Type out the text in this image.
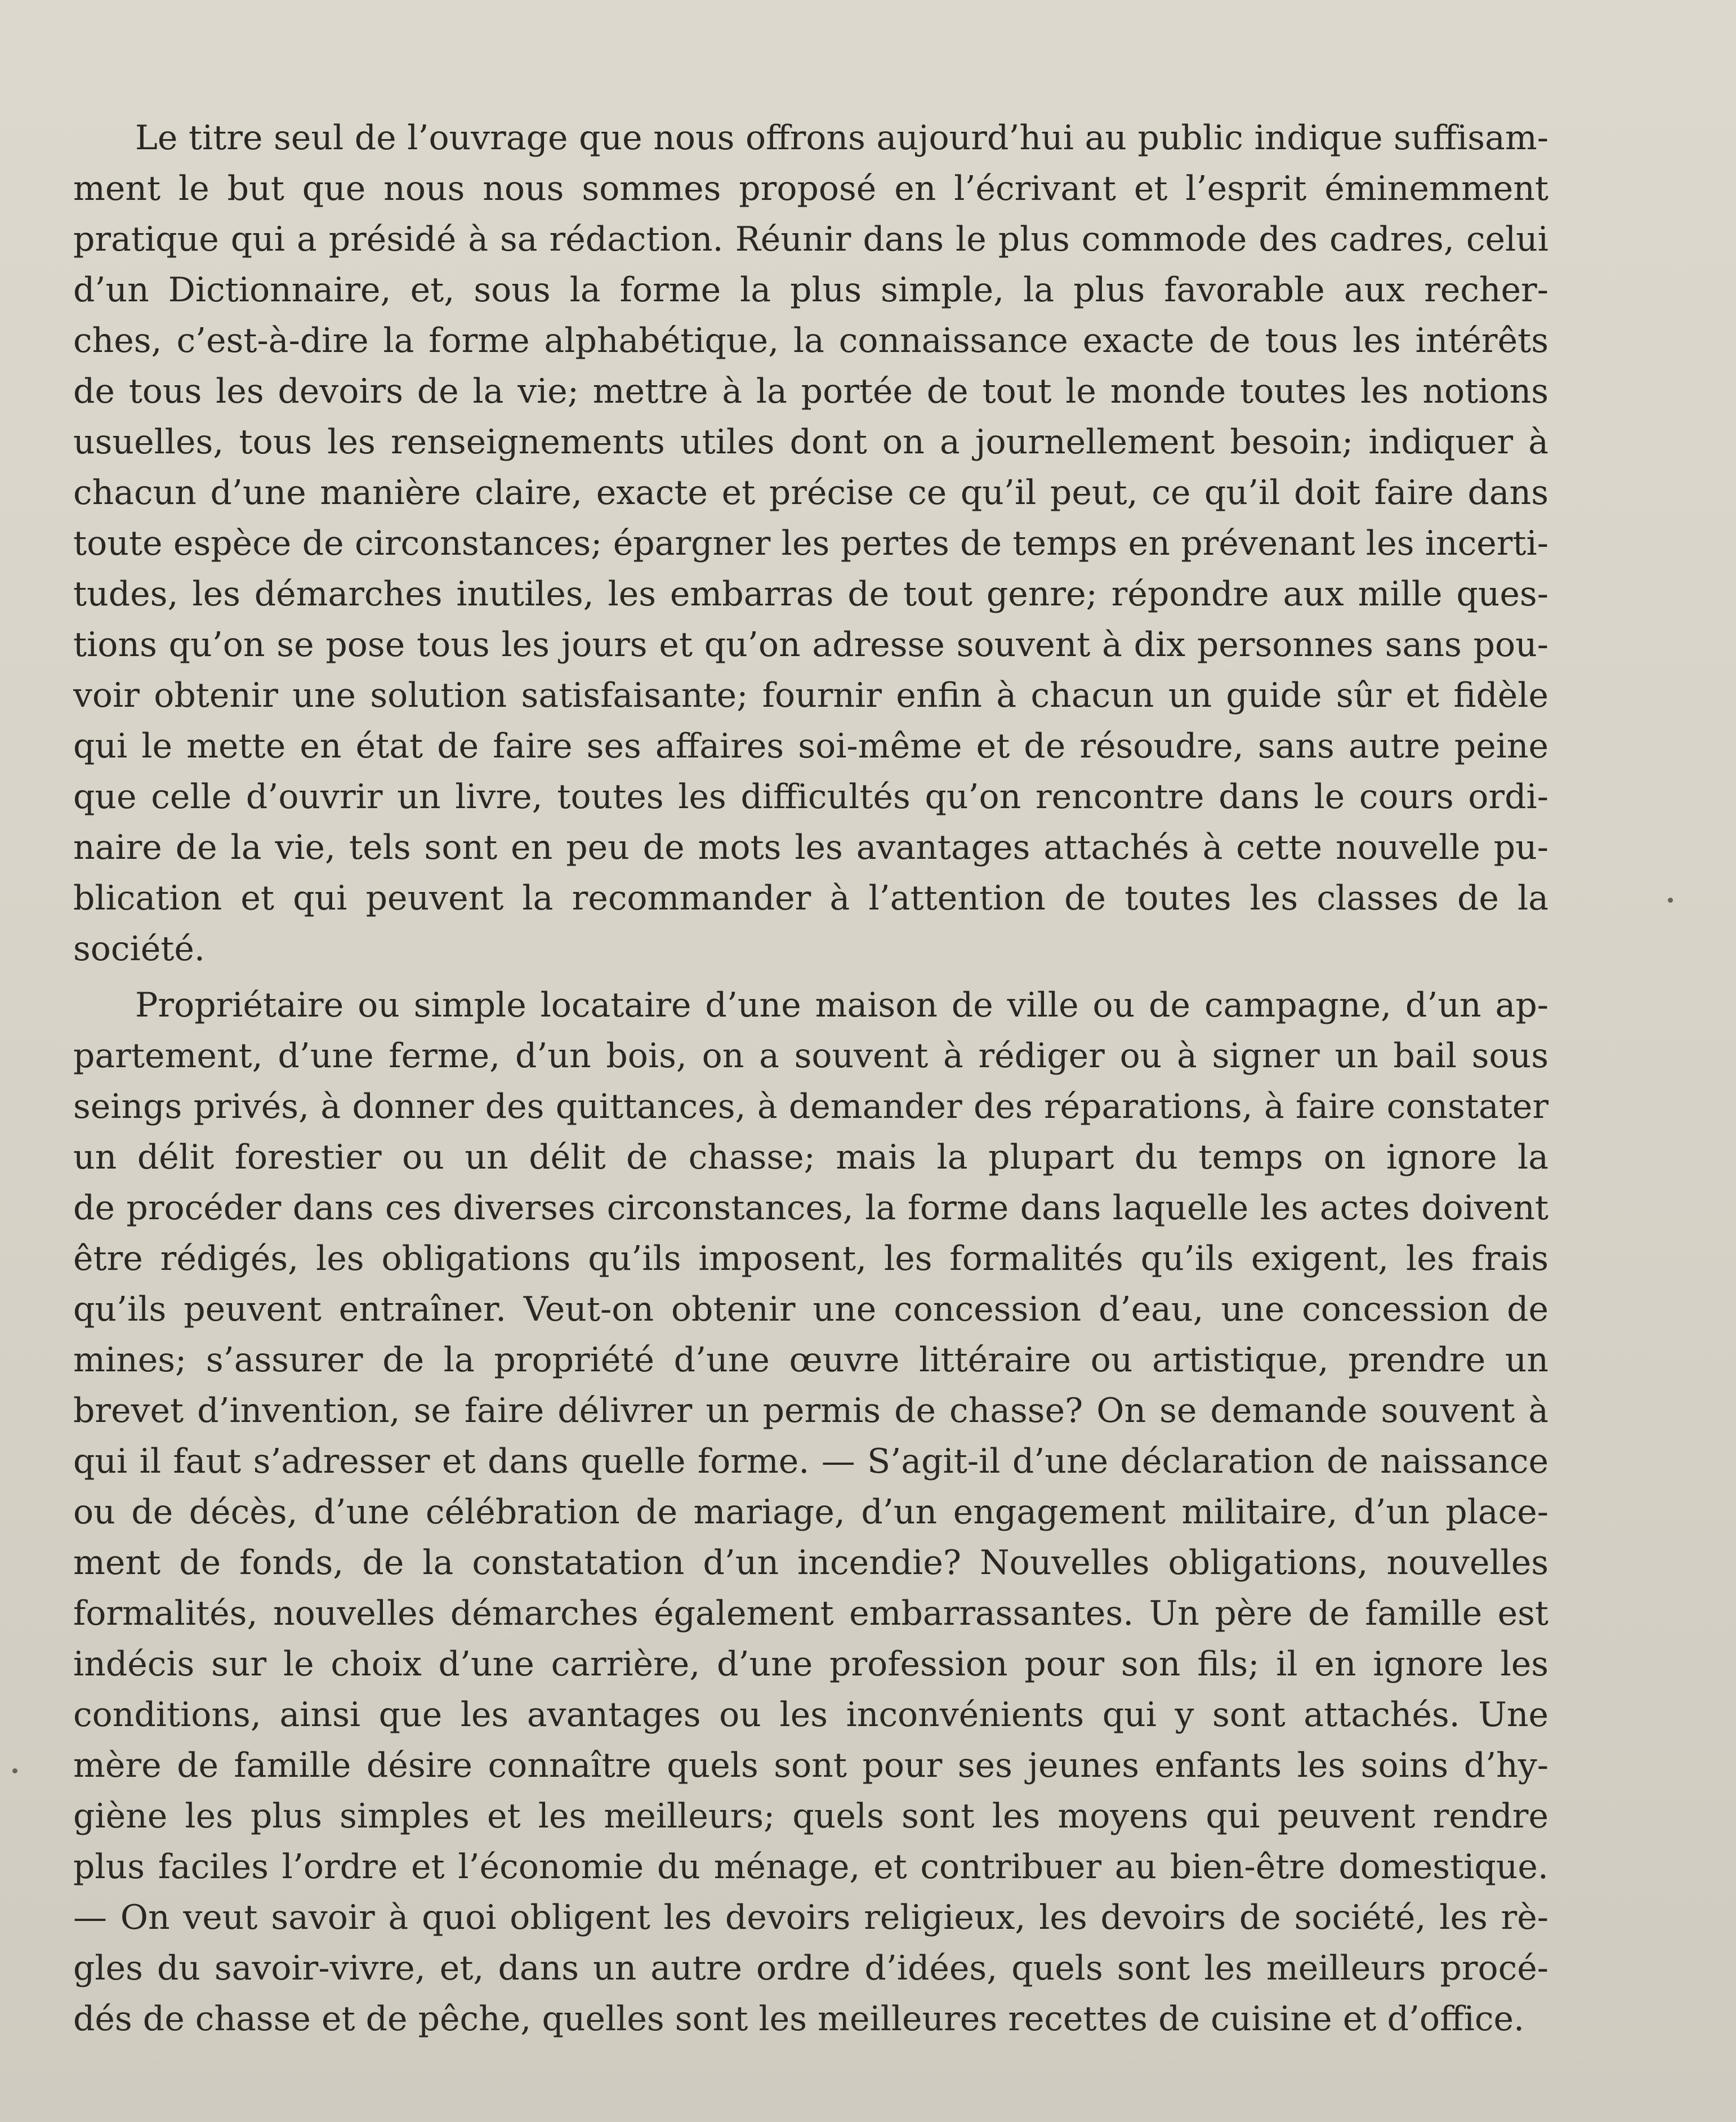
Le titre seul de l’ouvrage que nous offrons aujourd’hui au public indique suffisam-
ment le but que nous nous sommes proposé en l’écrivant et l’esprit éminemment
pratique qui a présidé à sa rédaction. Réunir dans le plus commode des cadres, celui
d’un Dictionnaire, et, sous la forme la plus simple, la plus favorable aux recher-
ches, c’est-à-dire la forme alphabétique, la connaissance exacte de tous les intérêts
de tous les devoirs de la vie; mettre à la portée de tout le monde toutes les notions
usuelles, tous les renseignements utiles dont on a journellement besoin; indiquer à
chacun d’une manière claire, exacte et précise ce qu’il peut, ce qu’il doit faire dans
toute espèce de circonstances; épargner les pertes de temps en prévenant les incerti-
tudes, les démarches inutiles, les embarras de tout genre; répondre aux mille ques-
tions qu’on se pose tous les jours et qu’on adresse souvent à dix personnes sans pou-
voir obtenir une solution satisfaisante; fournir enfin à chacun un guide sûr et fidèle
qui le mette en état de faire ses affaires soi-même et de résoudre, sans autre peine
que celle d’ouvrir un livre, toutes les difficultés qu’on rencontre dans le cours ordi-
naire de la vie, tels sont en peu de mots les avantages attachés à cette nouvelle pu-
blication et qui peuvent la recommander à l’attention de toutes les classes de la
société.
Propriétaire ou simple locataire d’une maison de ville ou de campagne, d’un ap-
partement, d’une ferme, d’un bois, on a souvent à rédiger ou à signer un bail sous
seings privés, à donner des quittances, à demander des réparations, à faire constater
un délit forestier ou un délit de chasse; mais la plupart du temps on ignore la
de procéder dans ces diverses circonstances, la forme dans laquelle les actes doivent
être rédigés, les obligations qu’ils imposent, les formalités qu’ils exigent, les frais
qu’ils peuvent entraîner. Veut-on obtenir une concession d’eau, une concession de
mines; s’assurer de la propriété d’une œuvre littéraire ou artistique, prendre un
brevet d’invention, se faire délivrer un permis de chasse? On se demande souvent à
qui il faut s’adresser et dans quelle forme. — S’agit-il d’une déclaration de naissance
ou de décès, d’une célébration de mariage, d’un engagement militaire, d’un place-
ment de fonds, de la constatation d’un incendie? Nouvelles obligations, nouvelles
formalités, nouvelles démarches également embarrassantes. Un père de famille est
indécis sur le choix d’une carrière, d’une profession pour son fils; il en ignore les
conditions, ainsi que les avantages ou les inconvénients qui y sont attachés. Une
mère de famille désire connaître quels sont pour ses jeunes enfants les soins d’hy-
giène les plus simples et les meilleurs; quels sont les moyens qui peuvent rendre
plus faciles l’ordre et l’économie du ménage, et contribuer au bien-être domestique.
— On veut savoir à quoi obligent les devoirs religieux, les devoirs de société, les rè-
gles du savoir-vivre, et, dans un autre ordre d’idées, quels sont les meilleurs procé-
dés de chasse et de pêche, quelles sont les meilleures recettes de cuisine et d’office.
